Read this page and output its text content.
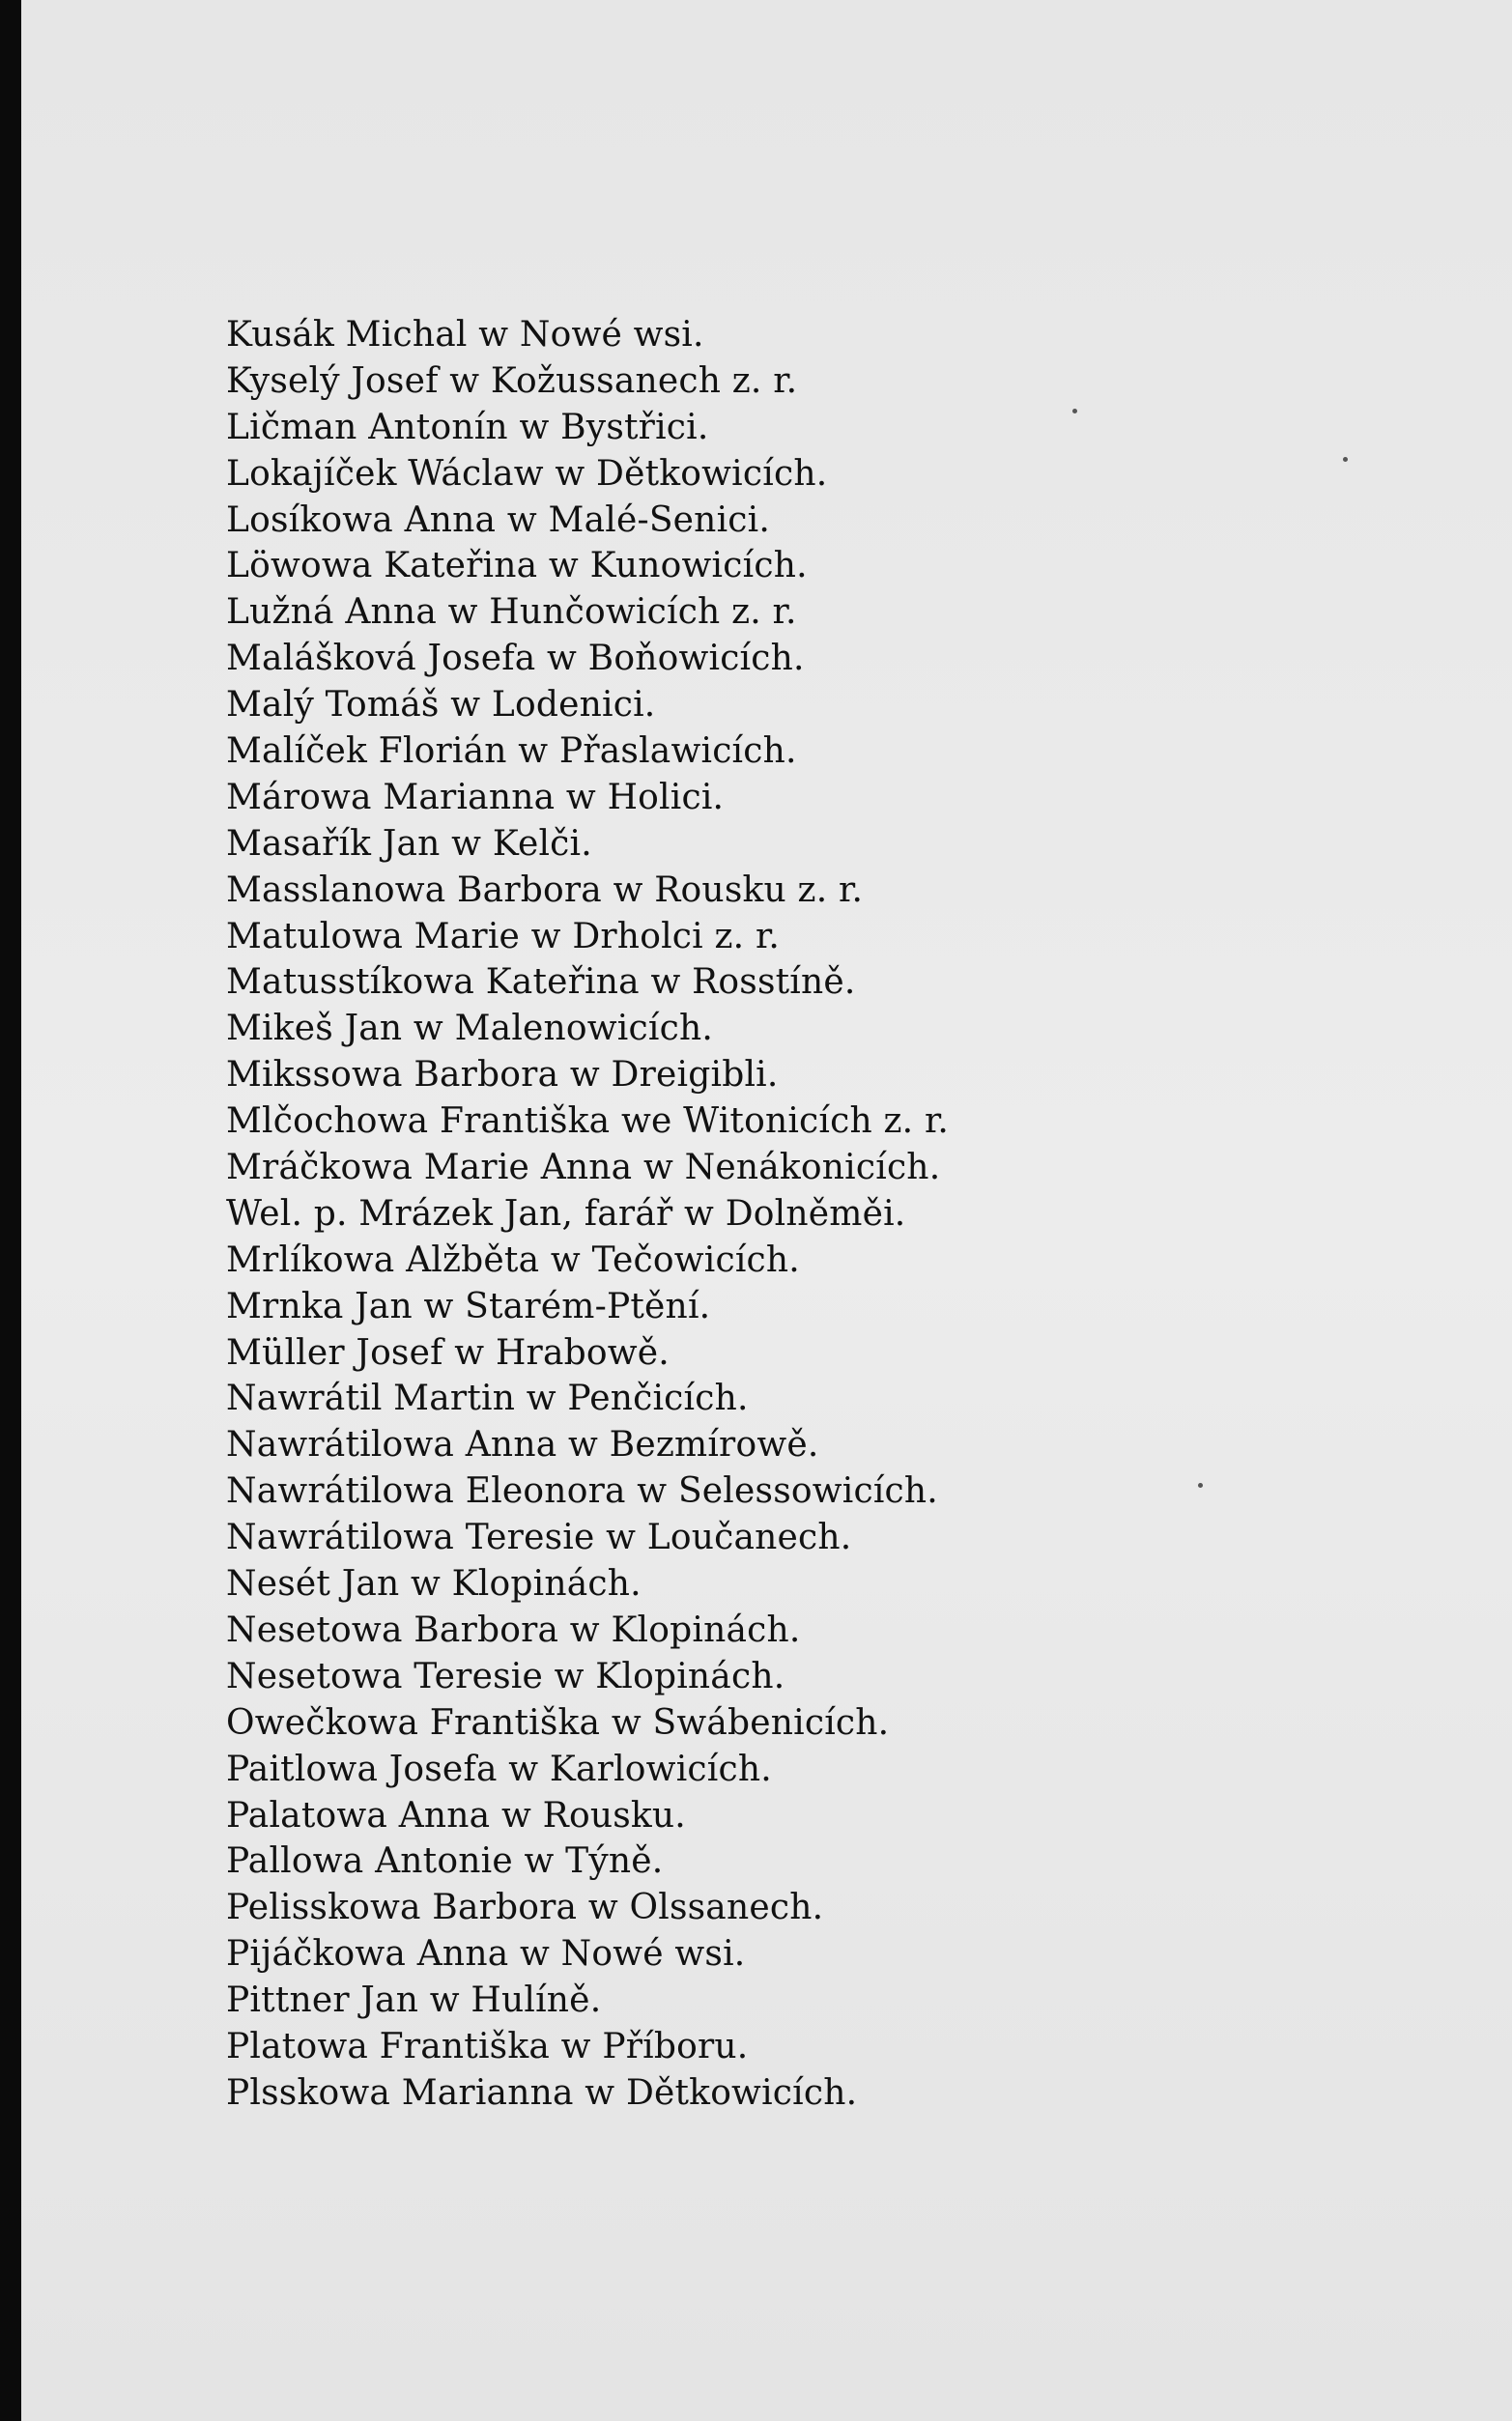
Kusák Michal w Nowé wsi.
Kyselý Josef w Kožussanech z. r.
Ličman Antonín w Bystřici.
Lokajíček Wáclaw w Dětkowicích.
Losíkowa Anna w Malé-Senici.
Löwowa Kateřina w Kunowicích.
Lužná Anna w Hunčowicích z. r.
Malášková Josefa w Boňowicích.
Malý Tomáš w Lodenici.
Malíček Florián w Přaslawicích.
Márowa Marianna w Holici.
Masařík Jan w Kelči.
Masslanowa Barbora w Rousku z. r.
Matulowa Marie w Drholci z. r.
Matusstíkowa Kateřina w Rosstíně.
Mikeš Jan w Malenowicích.
Mikssowa Barbora w Dreigibli.
Mlčochowa Františka we Witonicích z. r.
Mráčkowa Marie Anna w Nenákonicích.
Wel. p. Mrázek Jan, farář w Dolněměi.
Mrlíkowa Alžběta w Tečowicích.
Mrnka Jan w Starém-Ptění.
Müller Josef w Hrabowě.
Nawrátil Martin w Penčicích.
Nawrátilowa Anna w Bezmírowě.
Nawrátilowa Eleonora w Selessowicích.
Nawrátilowa Teresie w Loučanech.
Nesét Jan w Klopinách.
Nesetowa Barbora w Klopinách.
Nesetowa Teresie w Klopinách.
Owečkowa Františka w Swábenicích.
Paitlowa Josefa w Karlowicích.
Palatowa Anna w Rousku.
Pallowa Antonie w Týně.
Pelisskowa Barbora w Olssanech.
Pijáčkowa Anna w Nowé wsi.
Pittner Jan w Hulíně.
Platowa Františka w Příboru.
Plsskowa Marianna w Dětkowicích.
